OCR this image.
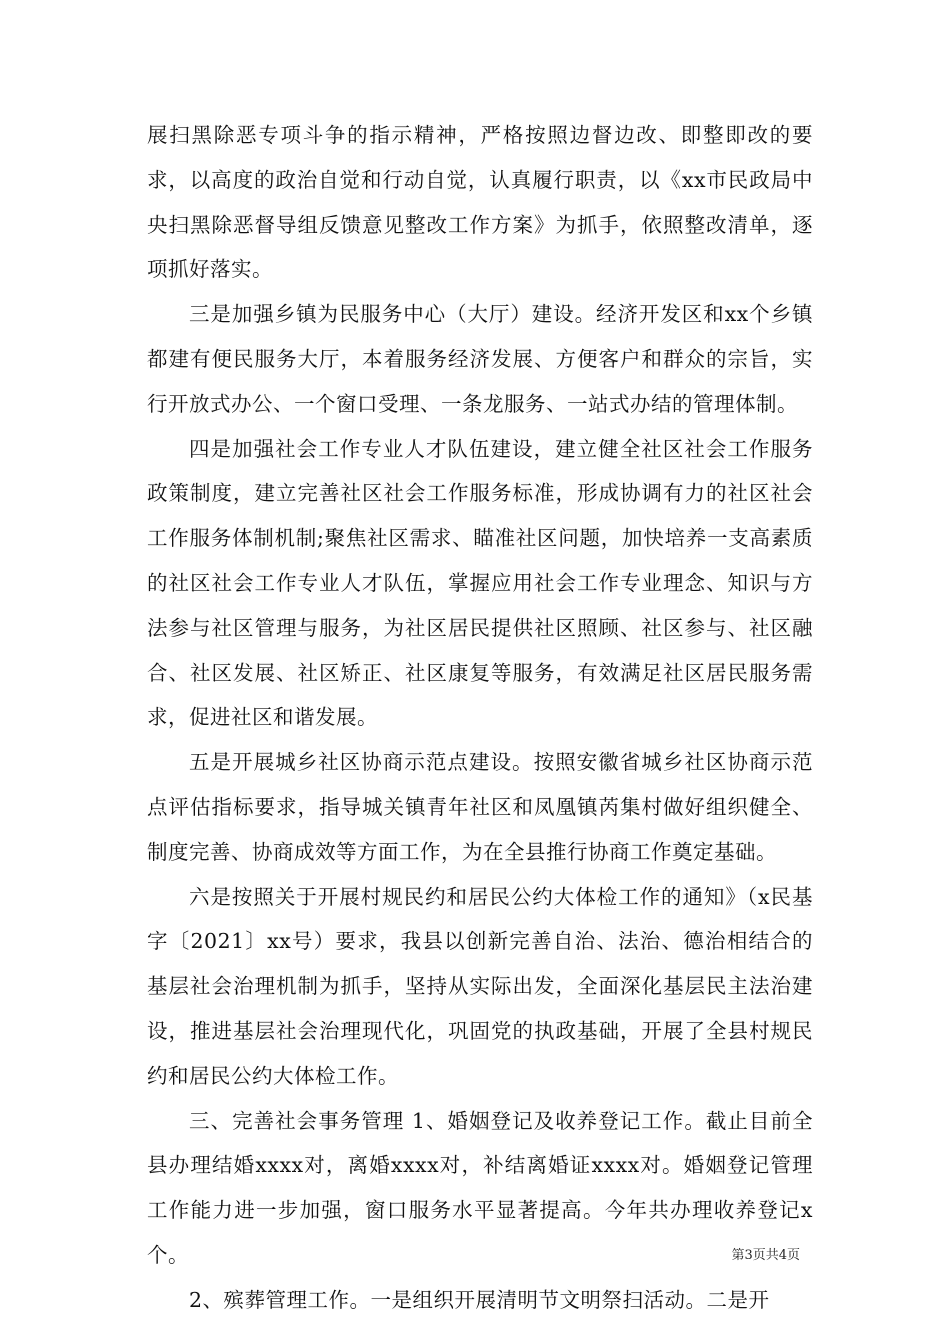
展扫黑除恶专项斗争的指示精神，严格按照边督边改、即整即改的要求，以高度的政治自觉和行动自觉，认真履行职责，以《xx市民政局中央扫黑除恶督导组反馈意见整改工作方案》为抓手，依照整改清单，逐项抓好落实。

三是加强乡镇为民服务中心（大厅）建设。经济开发区和xx个乡镇都建有便民服务大厅，本着服务经济发展、方便客户和群众的宗旨，实行开放式办公、一个窗口受理、一条龙服务、一站式办结的管理体制。

四是加强社会工作专业人才队伍建设，建立健全社区社会工作服务政策制度，建立完善社区社会工作服务标准，形成协调有力的社区社会工作服务体制机制;聚焦社区需求、瞄准社区问题，加快培养一支高素质的社区社会工作专业人才队伍，掌握应用社会工作专业理念、知识与方法参与社区管理与服务，为社区居民提供社区照顾、社区参与、社区融合、社区发展、社区矫正、社区康复等服务，有效满足社区居民服务需求，促进社区和谐发展。

五是开展城乡社区协商示范点建设。按照安徽省城乡社区协商示范点评估指标要求，指导城关镇青年社区和凤凰镇芮集村做好组织健全、制度完善、协商成效等方面工作，为在全县推行协商工作奠定基础。

六是按照关于开展村规民约和居民公约大体检工作的通知》（x民基字〔2021〕xx号）要求，我县以创新完善自治、法治、德治相结合的基层社会治理机制为抓手，坚持从实际出发，全面深化基层民主法治建设，推进基层社会治理现代化，巩固党的执政基础，开展了全县村规民约和居民公约大体检工作。

三、完善社会事务管理 1、婚姻登记及收养登记工作。截止目前全县办理结婚xxxx对，离婚xxxx对，补结离婚证xxxx对。婚姻登记管理工作能力进一步加强，窗口服务水平显著提高。今年共办理收养登记x个。

2、殡葬管理工作。一是组织开展清明节文明祭扫活动。二是开

第3页共4页
